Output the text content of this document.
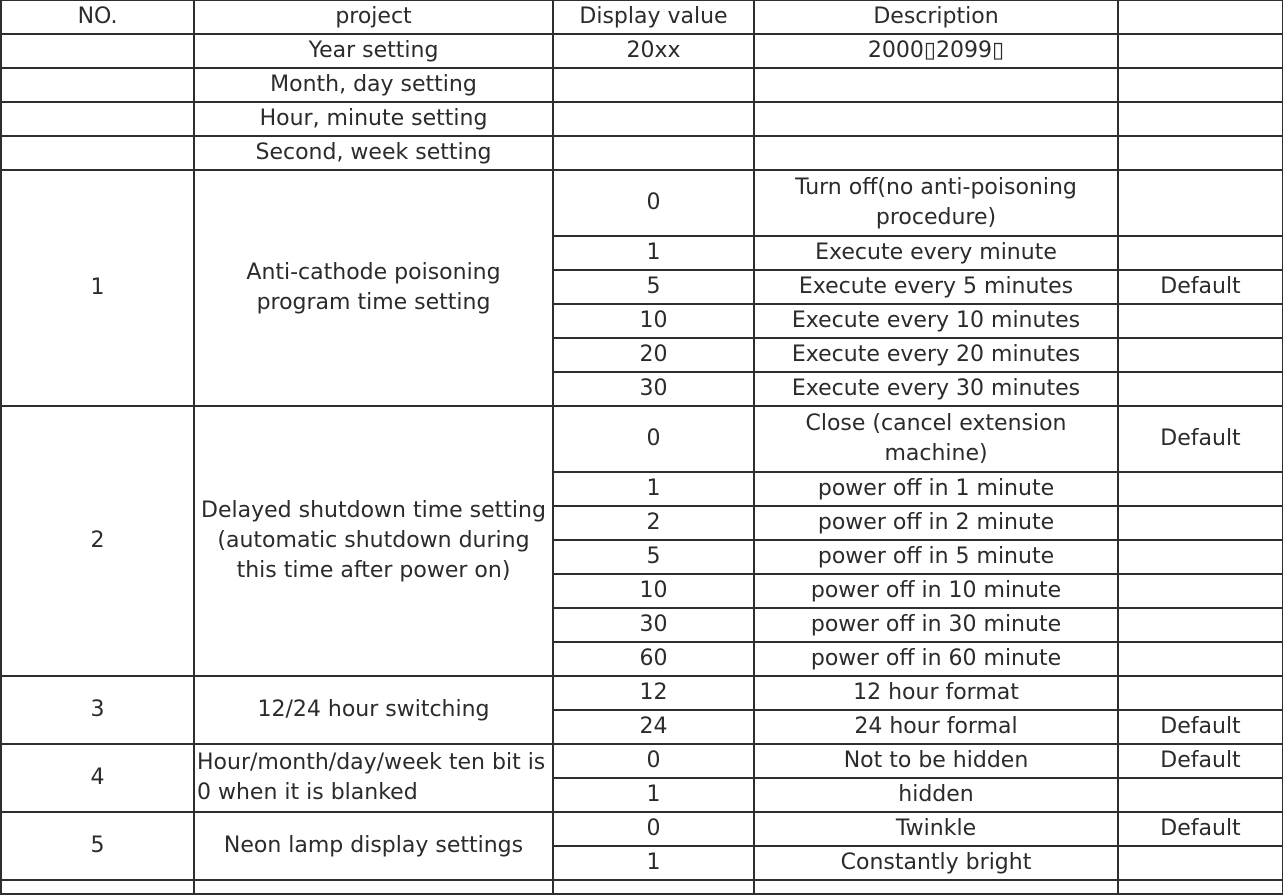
NO.	project	Display value	Description	
	Year setting	20xx	2000▯2099▯	
	Month, day setting			
	Hour, minute setting			
	Second, week setting			
1	Anti-cathode poisoning program time setting	0	Turn off(no anti-poisoning procedure)	
		1	Execute every minute	
		5	Execute every 5 minutes	Default
		10	Execute every 10 minutes	
		20	Execute every 20 minutes	
		30	Execute every 30 minutes	
2	Delayed shutdown time setting (automatic shutdown during this time after power on)	0	Close (cancel extension machine)	Default
		1	power off in 1 minute	
		2	power off in 2 minute	
		5	power off in 5 minute	
		10	power off in 10 minute	
		30	power off in 30 minute	
		60	power off in 60 minute	
3	12/24 hour switching	12	12 hour format	
		24	24 hour formal	Default
4	Hour/month/day/week ten bit is 0 when it is blanked	0	Not to be hidden	Default
		1	hidden	
5	Neon lamp display settings	0	Twinkle	Default
		1	Constantly bright	
